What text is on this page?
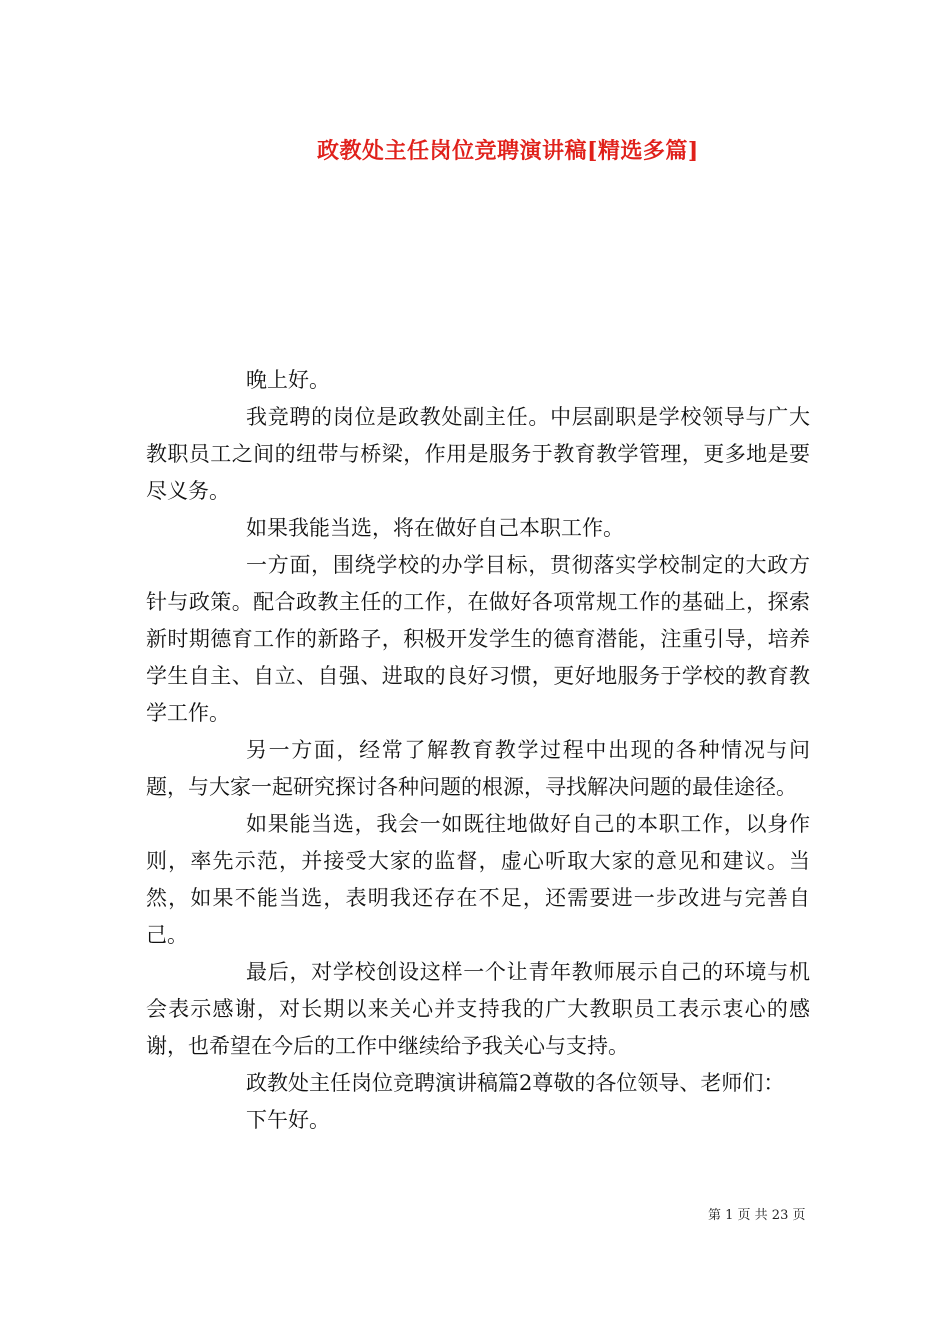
政教处主任岗位竞聘演讲稿[精选多篇]

晚上好。

我竞聘的岗位是政教处副主任。中层副职是学校领导与广大教职员工之间的纽带与桥梁，作用是服务于教育教学管理，更多地是要尽义务。

如果我能当选，将在做好自己本职工作。

一方面，围绕学校的办学目标，贯彻落实学校制定的大政方针与政策。配合政教主任的工作，在做好各项常规工作的基础上，探索新时期德育工作的新路子，积极开发学生的德育潜能，注重引导，培养学生自主、自立、自强、进取的良好习惯，更好地服务于学校的教育教学工作。

另一方面，经常了解教育教学过程中出现的各种情况与问题，与大家一起研究探讨各种问题的根源，寻找解决问题的最佳途径。

如果能当选，我会一如既往地做好自己的本职工作，以身作则，率先示范，并接受大家的监督，虚心听取大家的意见和建议。当然，如果不能当选，表明我还存在不足，还需要进一步改进与完善自己。

最后，对学校创设这样一个让青年教师展示自己的环境与机会表示感谢，对长期以来关心并支持我的广大教职员工表示衷心的感谢，也希望在今后的工作中继续给予我关心与支持。

政教处主任岗位竞聘演讲稿篇2尊敬的各位领导、老师们：

下午好。

第 1 页 共 23 页
